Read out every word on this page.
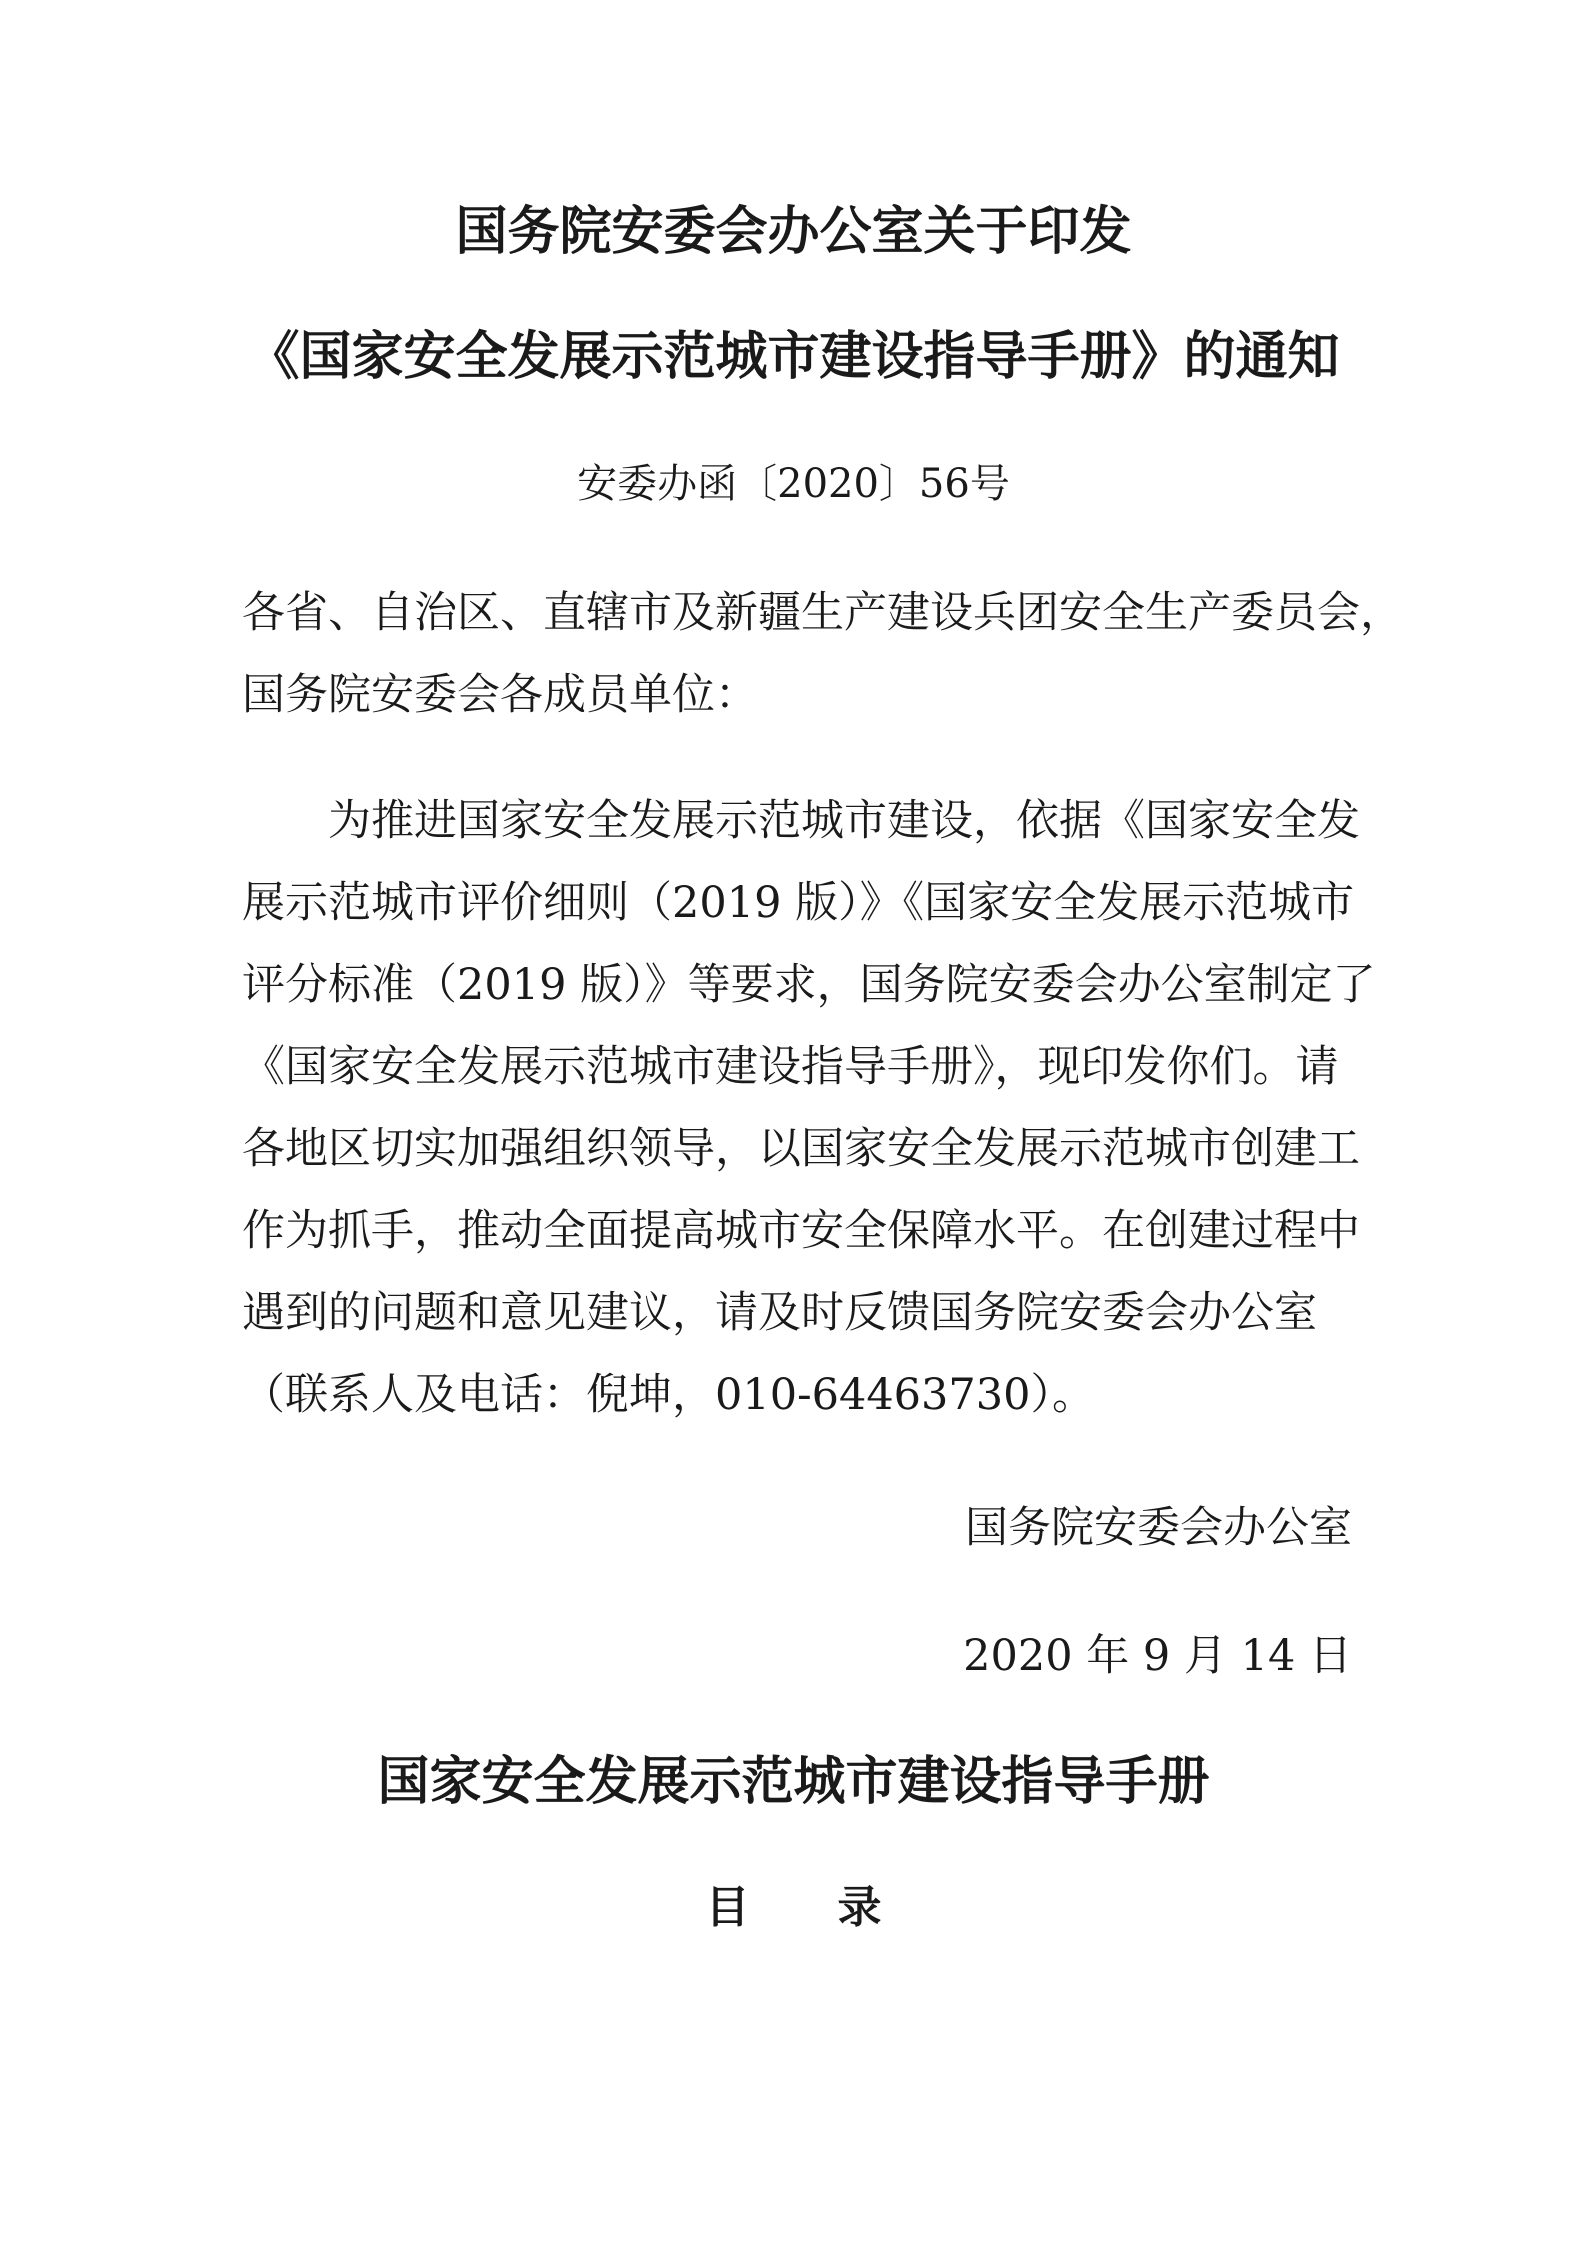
国务院安委会办公室关于印发
《国家安全发展示范城市建设指导手册》的通知
安委办函〔2020〕56号
各省、自治区、直辖市及新疆生产建设兵团安全生产委员会，
国务院安委会各成员单位：
为推进国家安全发展示范城市建设，依据《国家安全发
展示范城市评价细则（2019 版）》《国家安全发展示范城市
评分标准（2019 版）》等要求，国务院安委会办公室制定了
《国家安全发展示范城市建设指导手册》，现印发你们。请
各地区切实加强组织领导，以国家安全发展示范城市创建工
作为抓手，推动全面提高城市安全保障水平。在创建过程中
遇到的问题和意见建议，请及时反馈国务院安委会办公室
（联系人及电话：倪坤，010-64463730）。
国务院安委会办公室
2020 年 9 月 14 日
国家安全发展示范城市建设指导手册
目　　录
